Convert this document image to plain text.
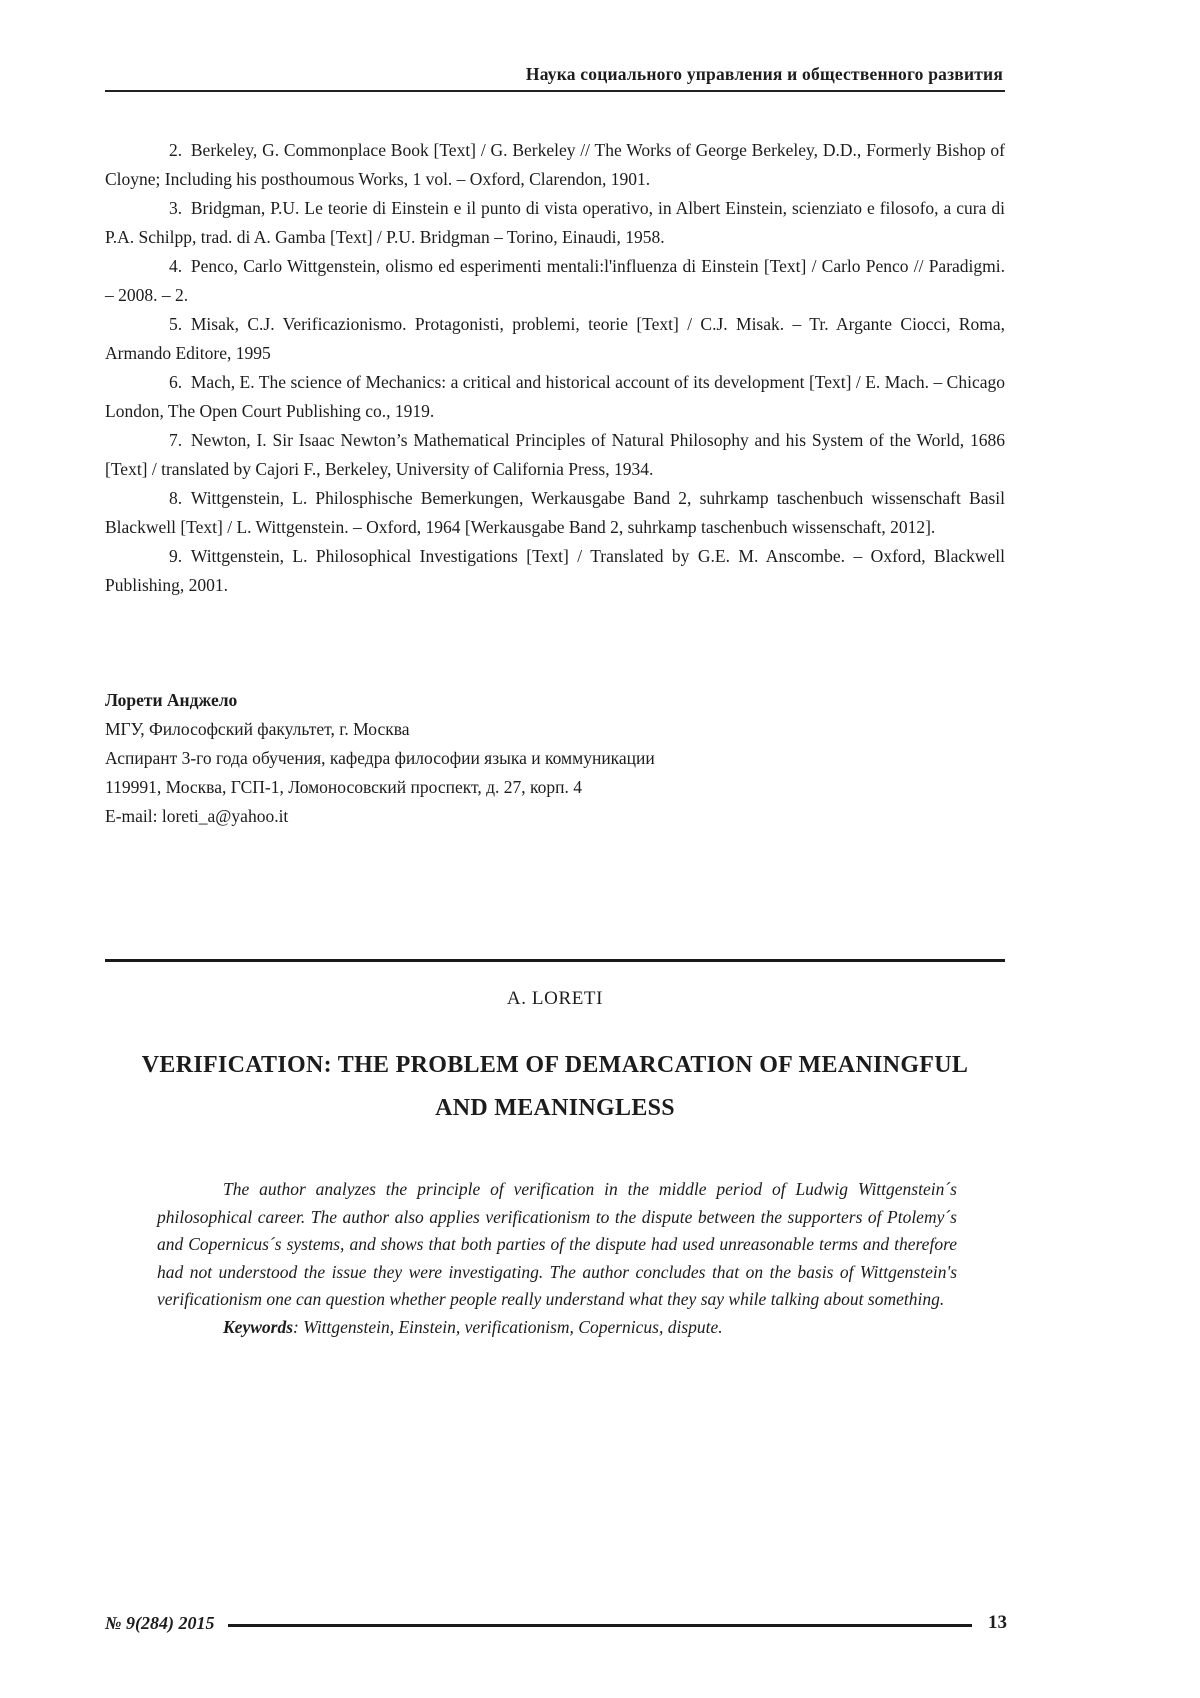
Наука социального управления и общественного развития

2. Berkeley, G. Commonplace Book [Text] / G. Berkeley // The Works of George Berkeley, D.D., Formerly Bishop of Cloyne; Including his posthoumous Works, 1 vol. – Oxford, Clarendon, 1901.

3. Bridgman, P.U. Le teorie di Einstein e il punto di vista operativo, in Albert Einstein, scienziato e filosofo, a cura di P.A. Schilpp, trad. di A. Gamba [Text] / P.U. Bridgman – Torino, Einaudi, 1958.

4. Penco, Carlo Wittgenstein, olismo ed esperimenti mentali:l'influenza di Einstein [Text] / Carlo Penco // Paradigmi. – 2008. – 2.

5. Misak, C.J. Verificazionismo. Protagonisti, problemi, teorie [Text] / C.J. Misak. – Tr. Argante Ciocci, Roma, Armando Editore, 1995

6. Mach, E. The science of Mechanics: a critical and historical account of its development [Text] / E. Mach. – Chicago London, The Open Court Publishing co., 1919.

7. Newton, I. Sir Isaac Newton’s Mathematical Principles of Natural Philosophy and his System of the World, 1686 [Text] / translated by Cajori F., Berkeley, University of California Press, 1934.

8. Wittgenstein, L. Philosphische Bemerkungen, Werkausgabe Band 2, suhrkamp taschenbuch wissenschaft Basil Blackwell [Text] / L. Wittgenstein. – Oxford, 1964 [Werkausgabe Band 2, suhrkamp taschenbuch wissenschaft, 2012].

9. Wittgenstein, L. Philosophical Investigations [Text] / Translated by G.E. M. Anscombe. – Oxford, Blackwell Publishing, 2001.

Лорети Анджело

МГУ, Философский факультет, г. Москва

Аспирант 3-го года обучения, кафедра философии языка и коммуникации

119991, Москва, ГСП-1, Ломоносовский проспект, д. 27, корп. 4

E-mail: loreti_a@yahoo.it

A. LORETI

VERIFICATION: THE PROBLEM OF DEMARCATION OF MEANINGFUL
AND MEANINGLESS

The author analyzes the principle of verification in the middle period of Ludwig Wittgenstein´s philosophical career. The author also applies verificationism to the dispute between the supporters of Ptolemy´s and Copernicus´s systems, and shows that both parties of the dispute had used unreasonable terms and therefore had not understood the issue they were investigating. The author concludes that on the basis of Wittgenstein's verificationism one can question whether people really understand what they say while talking about something.

Keywords: Wittgenstein, Einstein, verificationism, Copernicus, dispute.

№ 9(284) 2015	13
